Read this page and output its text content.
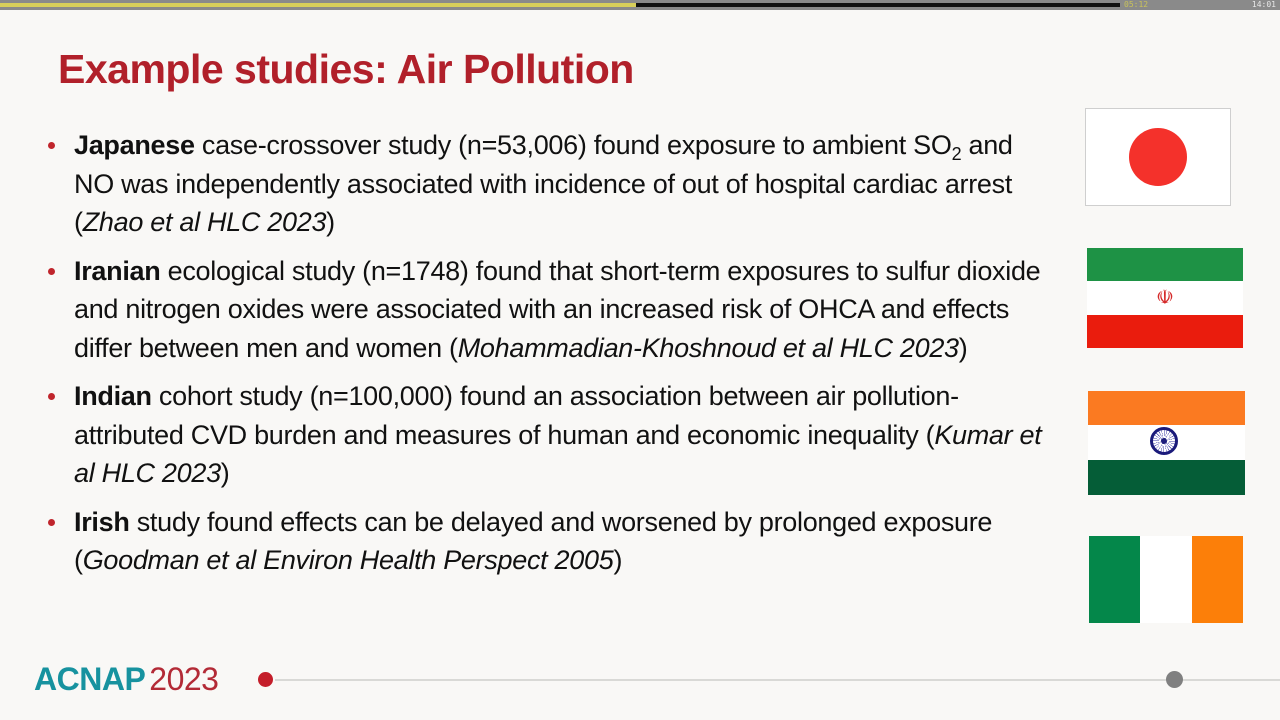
05:12	14:01
Example studies: Air Pollution
Japanese case-crossover study (n=53,006) found exposure to ambient $SO_2$ and NO was independently associated with incidence of out of hospital cardiac arrest (Zhao et al HLC 2023)
Iranian ecological study (n=1748) found that short-term exposures to sulfur dioxide and nitrogen oxides were associated with an increased risk of OHCA and effects differ between men and women (Mohammadian-Khoshnoud et al HLC 2023)
Indian cohort study (n=100,000) found an association between air pollution-attributed CVD burden and measures of human and economic inequality (Kumar et al HLC 2023)
Irish study found effects can be delayed and worsened by prolonged exposure (Goodman et al Environ Health Perspect 2005)
☫
ACNAP 2023
